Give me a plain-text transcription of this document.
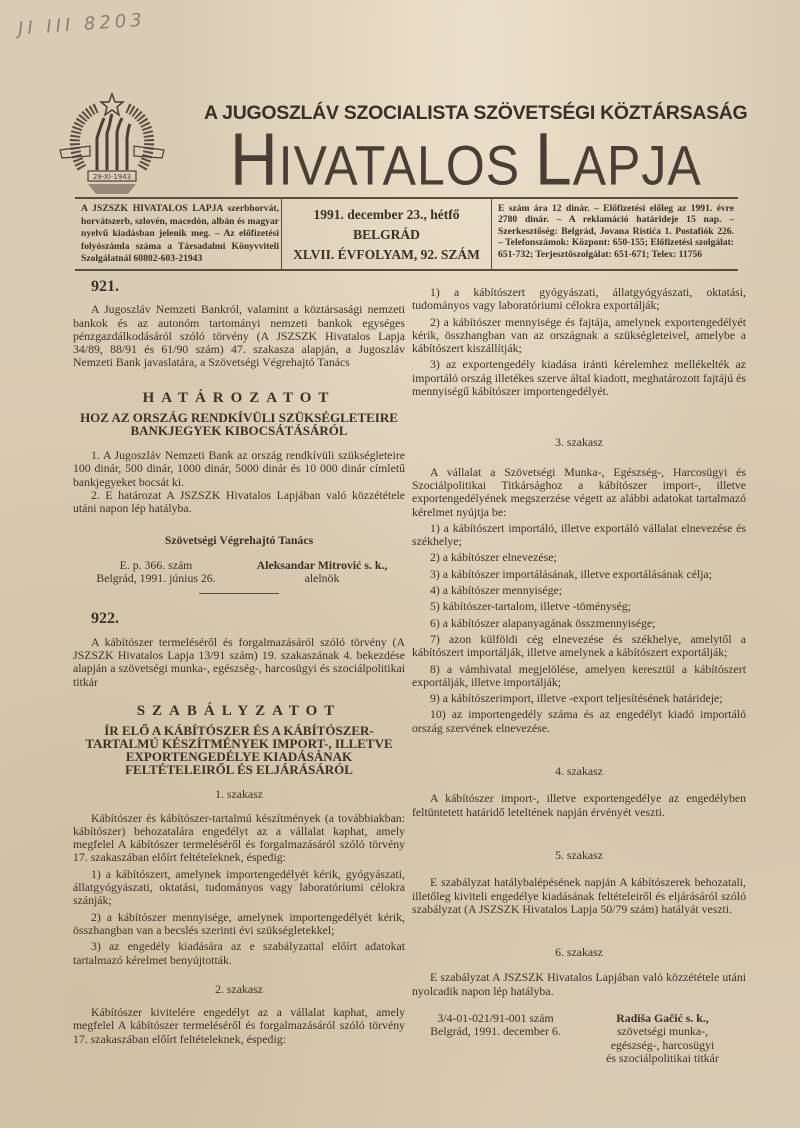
JI III 8203
29-XI-1943
A JUGOSZLÁV SZOCIALISTA SZÖVETSÉGI KÖZTÁRSASÁG
HIVATALOS LAPJA
A JSZSZK HIVATALOS LAPJA szerbhorvát, horvátszerb, szlovén, macedón, albán és magyar nyelvű kiadásban jelenik meg. – Az előfizetési folyószámla száma a Társadalmi Könyvviteli Szolgálatnál 60802-603-21943
1991. december 23., hétfő
BELGRÁD
XLVII. ÉVFOLYAM, 92. SZÁM
E szám ára 12 dinár. – Előfizetési előleg az 1991. évre 2780 dinár. – A reklamáció határideje 15 nap. – Szerkesztőség: Belgrád, Jovana Ristića 1. Postafiók 226. – Telefonszámok: Központ: 650-155; Előfizetési szolgálat: 651-732; Terjesztőszolgálat: 651-671; Telex: 11756
921.

A Jugoszláv Nemzeti Bankról, valamint a köztársasági nemzeti bankok és az autonóm tartományi nemzeti bankok egységes pénzgazdálkodásáról szóló törvény (A JSZSZK Hivatalos Lapja 34/89, 88/91 és 61/90 szám) 47. szakasza alapján, a Jugoszláv Nemzeti Bank javaslatára, a Szövetségi Végrehajtó Tanács

HATÁROZATOT
HOZ AZ ORSZÁG RENDKÍVÜLI SZÜKSÉGLETEIRE BANKJEGYEK KIBOCSÁTÁSÁRÓL

1. A Jugoszláv Nemzeti Bank az ország rendkívüli szükségleteire 100 dinár, 500 dinár, 1000 dinár, 5000 dinár és 10 000 dinár címletű bankjegyeket bocsát ki.

2. E határozat A JSZSZK Hivatalos Lapjában való közzététele utáni napon lép hatályba.

Szövetségi Végrehajtó Tanács
E. p. 366. szám
Belgrád, 1991. június 26.
Aleksandar Mitrović s. k.,
alelnök
922.

A kábítószer termeléséről és forgalmazásáról szóló törvény (A JSZSZK Hivatalos Lapja 13/91 szám) 19. szakaszának 4. bekezdése alapján a szövetségi munka-, egészség-, harcosügyi és szociálpolitikai titkár

SZABÁLYZATOT
ÍR ELŐ A KÁBÍTÓSZER ÉS A KÁBÍTÓSZER-TARTALMÚ KÉSZÍTMÉNYEK IMPORT-, ILLETVE EXPORTENGEDÉLYE KIADÁSÁNAK FELTÉTELEIRŐL ÉS ELJÁRÁSÁRÓL
1. szakasz

Kábítószer és kábítószer-tartalmú készítmények (a továbbiakban: kábítószer) behozatalára engedélyt az a vállalat kaphat, amely megfelel A kábítószer termeléséről és forgalmazásáról szóló törvény 17. szakaszában előírt feltételeknek, éspedig:

1) a kábítószert, amelynek importengedélyét kérik, gyógyászati, állatgyógyászati, oktatási, tudományos vagy laboratóriumi célokra szánják;

2) a kábítószer mennyisége, amelynek importengedélyét kérik, összhangban van a becslés szerinti évi szükségletekkel;

3) az engedély kiadására az e szabályzattal előírt adatokat tartalmazó kérelmet benyújtották.

2. szakasz

Kábítószer kivitelére engedélyt az a vállalat kaphat, amely megfelel A kábítószer termeléséről és forgalmazásáról szóló törvény 17. szakaszában előírt feltételeknek, éspedig:

1) a kábítószert gyógyászati, állatgyógyászati, oktatási, tudományos vagy laboratóriumi célokra exportálják;

2) a kábítószer mennyisége és fajtája, amelynek exportengedélyét kérik, összhangban van az országnak a szükségleteivel, amelybe a kábítószert kiszállítják;

3) az exportengedély kiadása iránti kérelemhez mellékelték az importáló ország illetékes szerve által kiadott, meghatározott fajtájú és mennyiségű kábítószer importengedélyét.

3. szakasz

A vállalat a Szövetségi Munka-, Egészség-, Harcosügyi és Szociálpolitikai Titkársághoz a kábítószer import-, illetve exportengedélyének megszerzése végett az alábbi adatokat tartalmazó kérelmet nyújtja be:

1) a kábítószert importáló, illetve exportáló vállalat elnevezése és székhelye;

2) a kábítószer elnevezése;

3) a kábítószer importálásának, illetve exportálásának célja;

4) a kábítószer mennyisége;

5) kábítószer-tartalom, illetve -töménység;

6) a kábítószer alapanyagának összmennyisége;

7) azon külföldi cég elnevezése és székhelye, amelytől a kábítószert importálják, illetve amelynek a kábítószert exportálják;

8) a vámhivatal megjelölése, amelyen keresztül a kábítószert exportálják, illetve importálják;

9) a kábítószerimport, illetve -export teljesítésének határideje;

10) az importengedély száma és az engedélyt kiadó importáló ország szervének elnevezése.

4. szakasz

A kábítószer import-, illetve exportengedélye az engedélyben feltüntetett határidő leteltének napján érvényét veszti.

5. szakasz

E szabályzat hatálybalépésének napján A kábítószerek behozatali, illetőleg kiviteli engedélye kiadásának feltételeiről és eljárásáról szóló szabályzat (A JSZSZK Hivatalos Lapja 50/79 szám) hatályát veszti.

6. szakasz

E szabályzat A JSZSZK Hivatalos Lapjában való közzététele utáni nyolcadik napon lép hatályba.

3/4-01-021/91-001 szám
Belgrád, 1991. december 6.
Radiša Gačić s. k.,
szövetségi munka-,
egészség-, harcosügyi
és szociálpolitikai titkár
